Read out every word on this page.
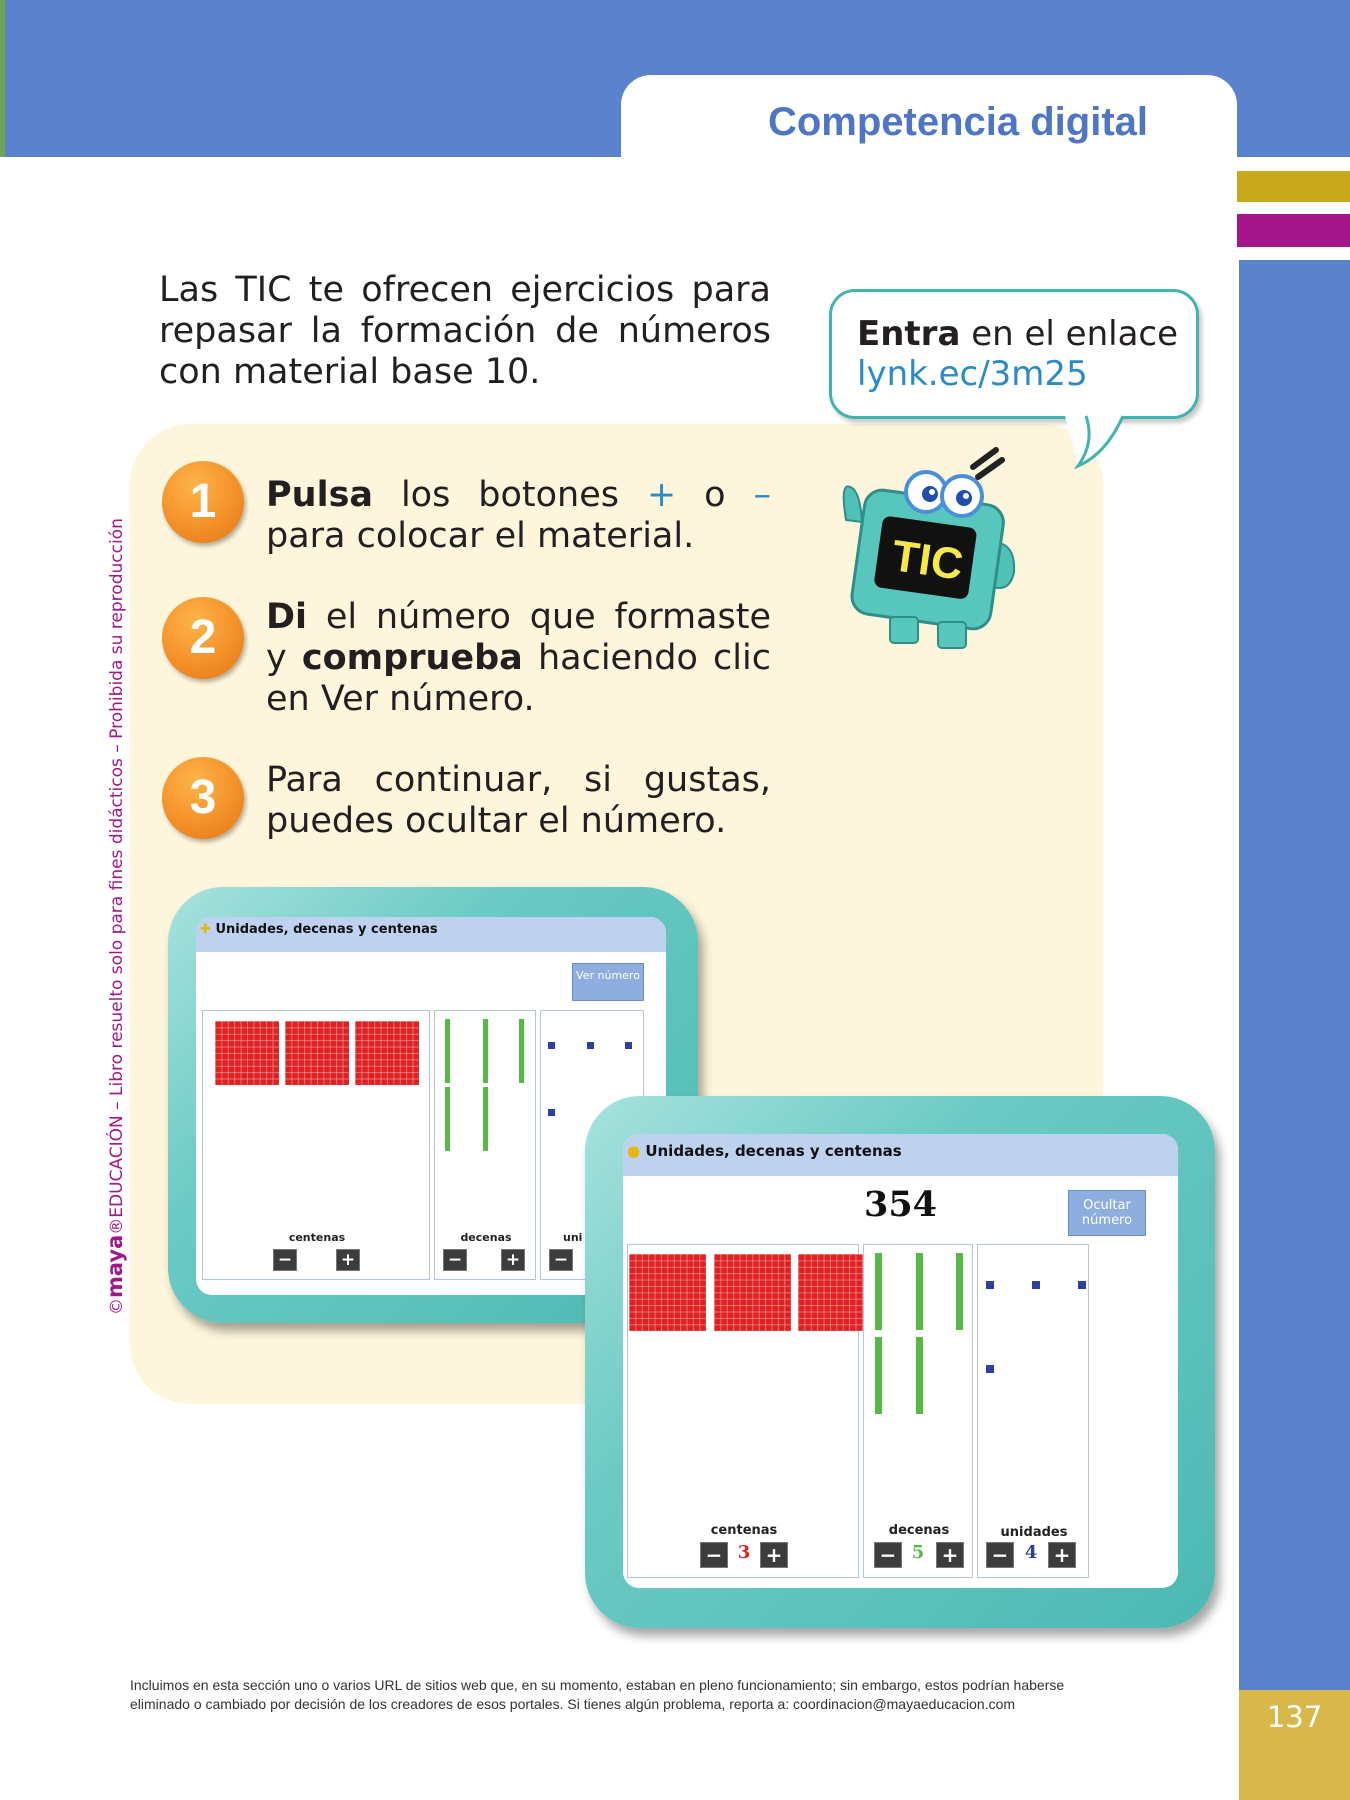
Competencia digital
137
©maya®EDUCACIÓN – Libro resuelto solo para fines didácticos – Prohibida su reproducción
Las TIC te ofrecen ejercicios para repasar la formación de números con material base 10.
Entra en el enlace
lynk.ec/3m25
TIC
1	Pulsa los botones + o – para colocar el material.
2	Di el número que formaste y comprueba haciendo clic en Ver número.
3	Para continuar, si gustas, puedes ocultar el número.
✚ Unidades, decenas y centenas
Ver número
centenas
−	+
decenas
−	+
uni
−
● Unidades, decenas y centenas
354	Ocultar número
centenas
− 3 +
decenas
− 5 +
unidades
− 4 +
Incluimos en esta sección uno o varios URL de sitios web que, en su momento, estaban en pleno funcionamiento; sin embargo, estos podrían haberse eliminado o cambiado por decisión de los creadores de esos portales. Si tienes algún problema, reporta a: coordinacion@mayaeducacion.com
